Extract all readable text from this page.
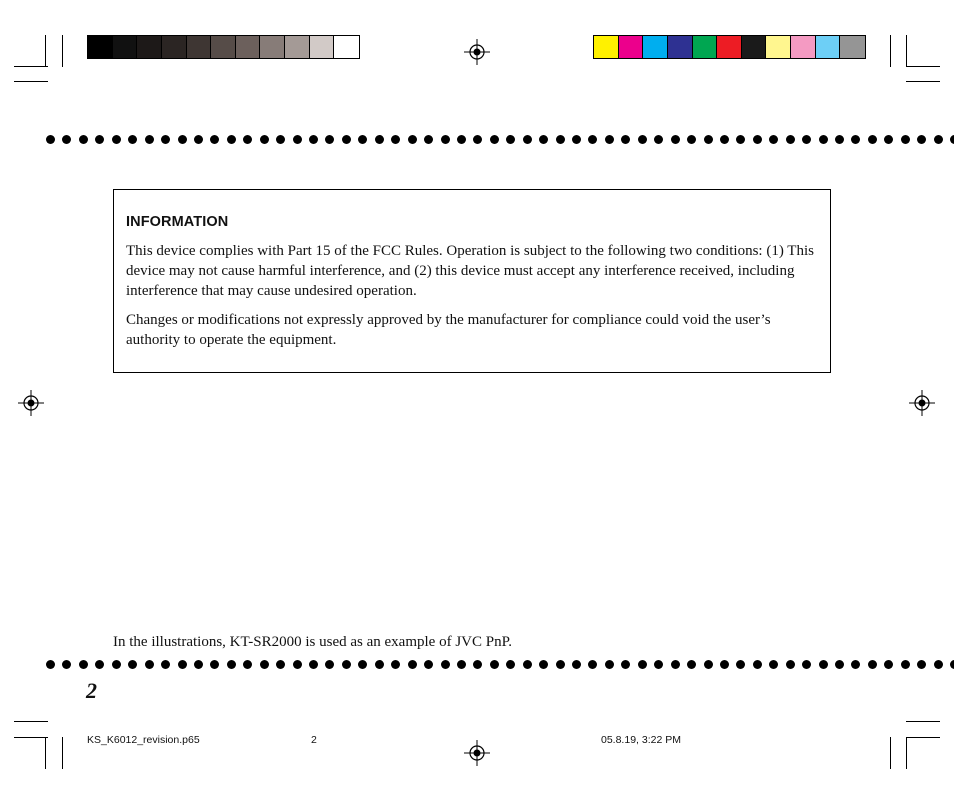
INFORMATION

This device complies with Part 15 of the FCC Rules. Operation is subject to the following two conditions: (1) This device may not cause harmful interference, and (2) this device must accept any interference received, including interference that may cause undesired operation.

Changes or modifications not expressly approved by the manufacturer for compliance could void the user’s authority to operate the equipment.

In the illustrations, KT-SR2000 is used as an example of JVC PnP.
2
KS_K6012_revision.p65	2	05.8.19, 3:22 PM
